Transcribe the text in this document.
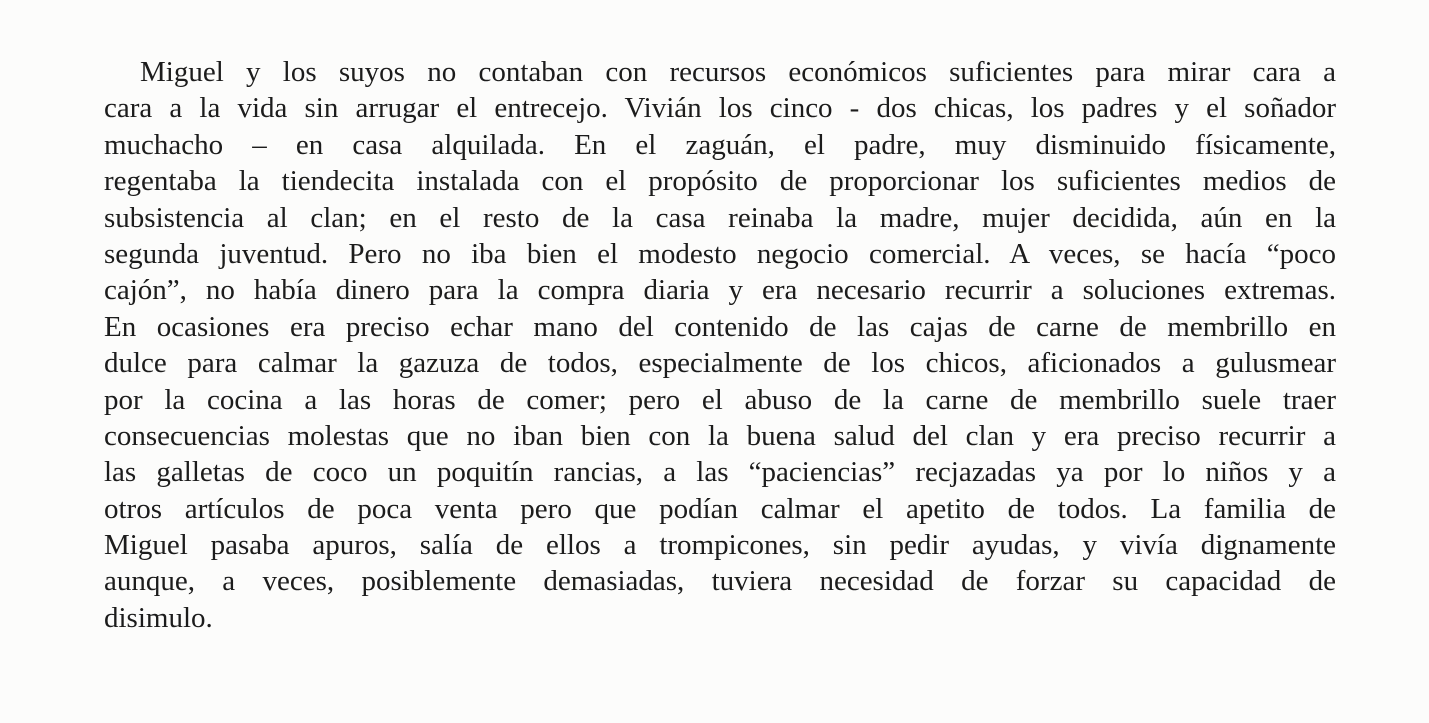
Miguel y los suyos no contaban con recursos económicos suficientes para mirar cara a
cara a la vida sin arrugar el entrecejo. Vivián los cinco - dos chicas, los padres y el soñador
muchacho – en casa alquilada. En el zaguán, el padre, muy disminuido físicamente,
regentaba la tiendecita instalada con el propósito de proporcionar los suficientes medios de
subsistencia al clan; en el resto de la casa reinaba la madre, mujer decidida, aún en la
segunda juventud. Pero no iba bien el modesto negocio comercial. A veces, se hacía “poco
cajón”, no había dinero para la compra diaria y era necesario recurrir a soluciones extremas.
En ocasiones era preciso echar mano del contenido de las cajas de carne de membrillo en
dulce para calmar la gazuza de todos, especialmente de los chicos, aficionados a gulusmear
por la cocina a las horas de comer; pero el abuso de la carne de membrillo suele traer
consecuencias molestas que no iban bien con la buena salud del clan y era preciso recurrir a
las galletas de coco un poquitín rancias, a las “paciencias” recjazadas ya por lo niños y a
otros artículos de poca venta pero que podían calmar el apetito de todos. La familia de
Miguel pasaba apuros, salía de ellos a trompicones, sin pedir ayudas, y vivía dignamente
aunque, a veces, posiblemente demasiadas, tuviera necesidad de forzar su capacidad de
disimulo.
